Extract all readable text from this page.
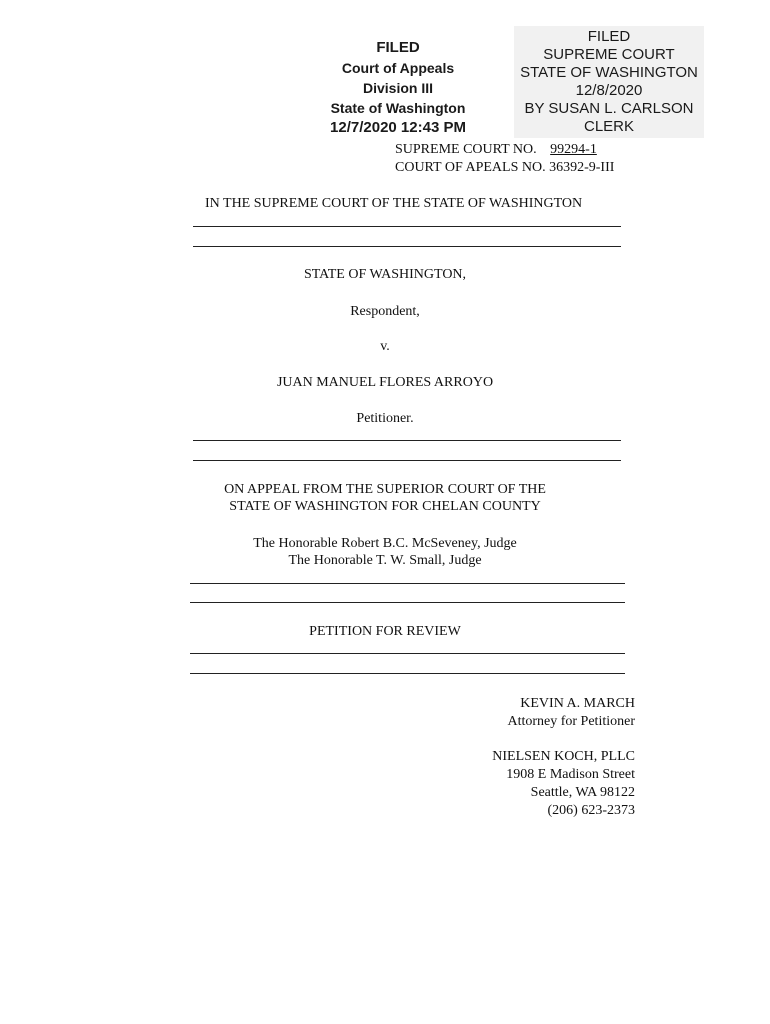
FILED
Court of Appeals
Division III
State of Washington
12/7/2020 12:43 PM
FILED
SUPREME COURT
STATE OF WASHINGTON
12/8/2020
BY SUSAN L. CARLSON
CLERK
SUPREME COURT NO. 99294-1
COURT OF APEALS NO. 36392-9-III
IN THE SUPREME COURT OF THE STATE OF WASHINGTON
STATE OF WASHINGTON,
Respondent,
v.
JUAN MANUEL FLORES ARROYO
Petitioner.
ON APPEAL FROM THE SUPERIOR COURT OF THE
STATE OF WASHINGTON FOR CHELAN COUNTY
The Honorable Robert B.C. McSeveney, Judge
The Honorable T. W. Small, Judge
PETITION FOR REVIEW
KEVIN A. MARCH
Attorney for Petitioner
NIELSEN KOCH, PLLC
1908 E Madison Street
Seattle, WA 98122
(206) 623-2373
